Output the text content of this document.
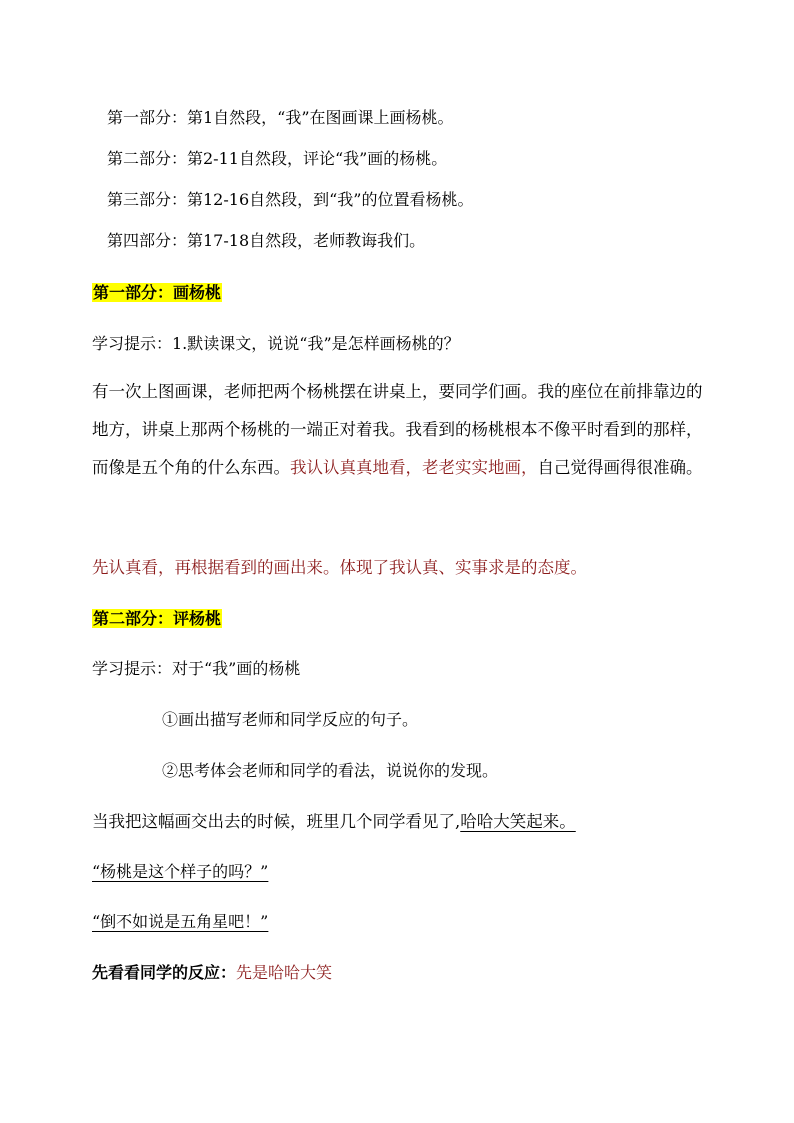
第一部分：第1自然段，“我”在图画课上画杨桃。
第二部分：第2-11自然段，评论“我”画的杨桃。
第三部分：第12-16自然段，到“我”的位置看杨桃。
第四部分：第17-18自然段，老师教诲我们。
第一部分：画杨桃
学习提示：1.默读课文，说说“我”是怎样画杨桃的？
有一次上图画课，老师把两个杨桃摆在讲桌上，要同学们画。我的座位在前排靠边的地方，讲桌上那两个杨桃的一端正对着我。我看到的杨桃根本不像平时看到的那样，而像是五个角的什么东西。我认认真真地看，老老实实地画，自己觉得画得很准确。
先认真看，再根据看到的画出来。体现了我认真、实事求是的态度。
第二部分：评杨桃
学习提示：对于“我”画的杨桃
①画出描写老师和同学反应的句子。
②思考体会老师和同学的看法，说说你的发现。
当我把这幅画交出去的时候，班里几个同学看见了,哈哈大笑起来。
“杨桃是这个样子的吗？”
“倒不如说是五角星吧！”
先看看同学的反应：先是哈哈大笑
